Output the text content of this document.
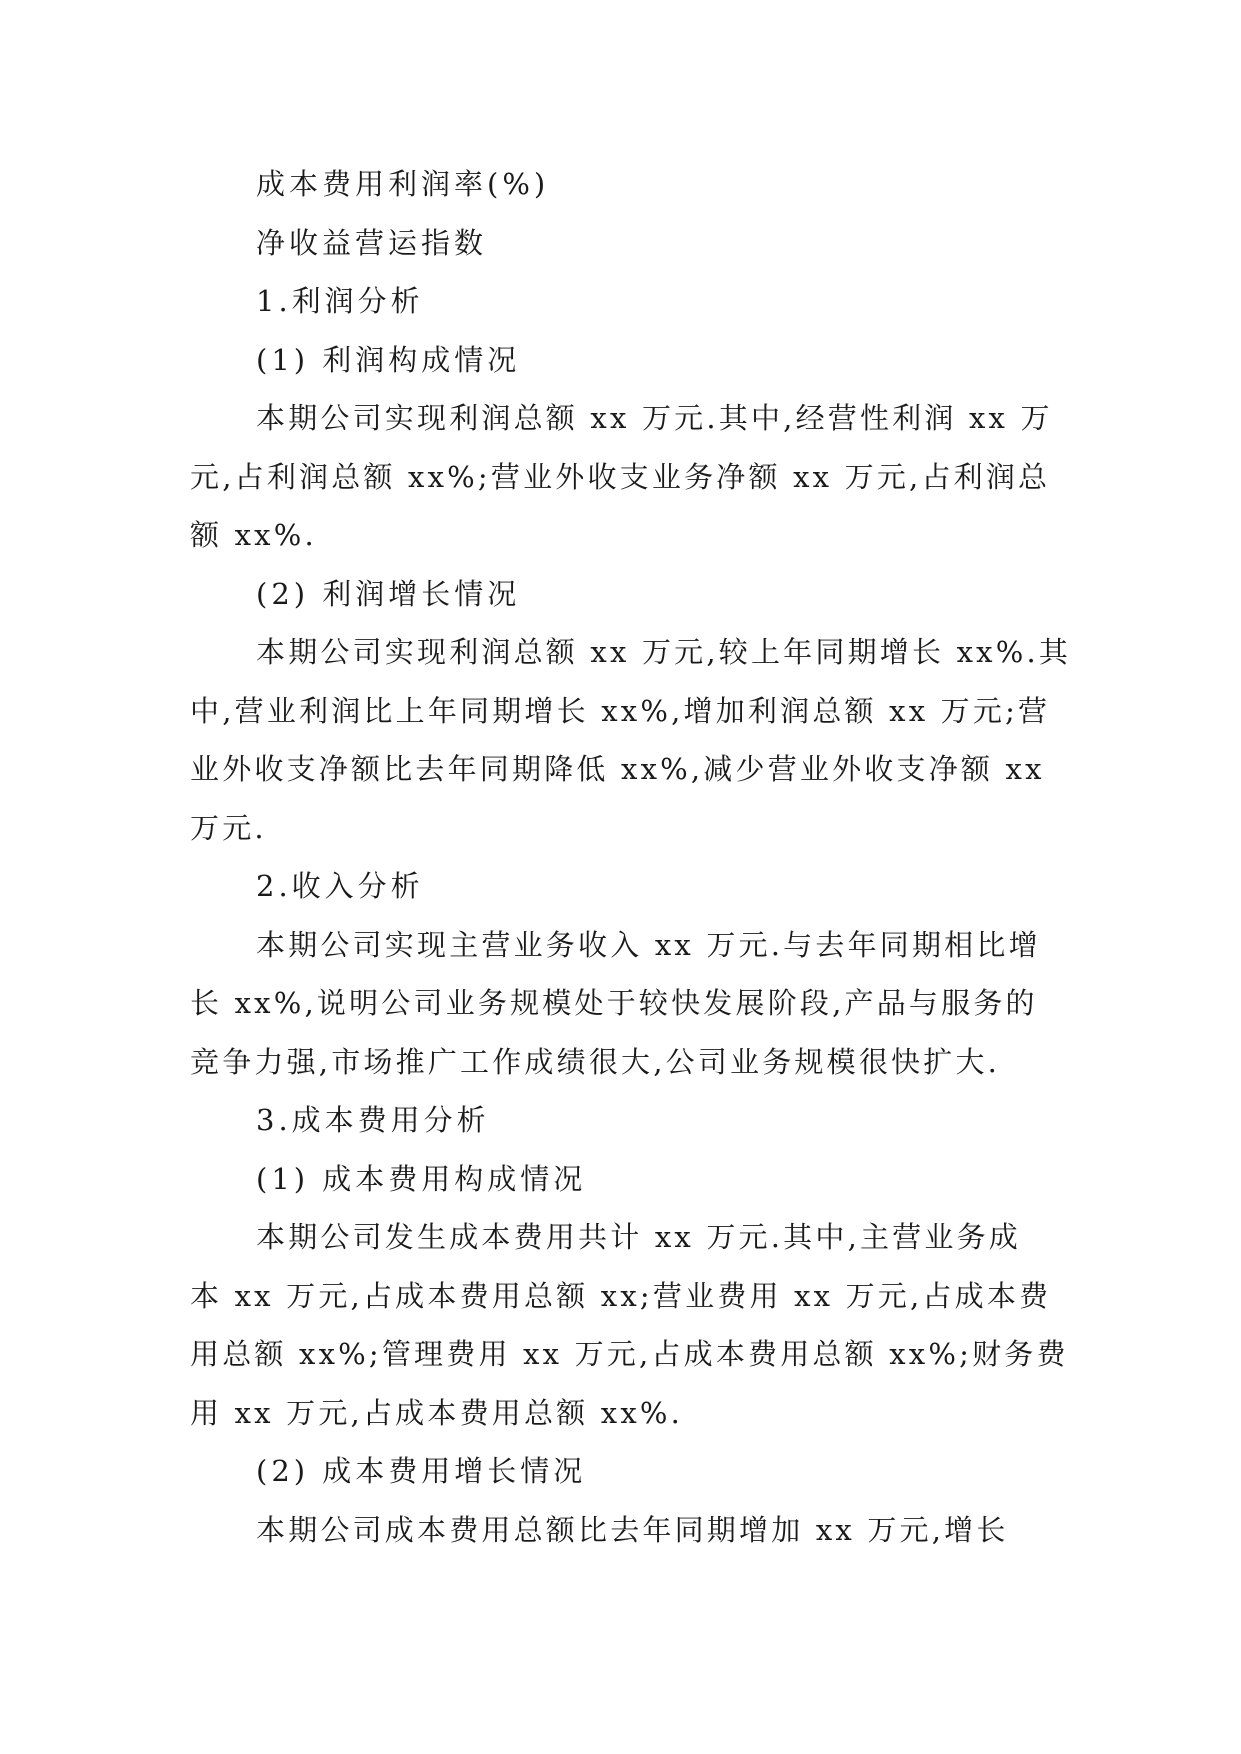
成本费用利润率(%)

净收益营运指数

1.利润分析

(1) 利润构成情况

本期公司实现利润总额 xx 万元.其中,经营性利润 xx 万

元,占利润总额 xx%;营业外收支业务净额 xx 万元,占利润总

额 xx%.

(2) 利润增长情况

本期公司实现利润总额 xx 万元,较上年同期增长 xx%.其

中,营业利润比上年同期增长 xx%,增加利润总额 xx 万元;营

业外收支净额比去年同期降低 xx%,减少营业外收支净额 xx

万元.

2.收入分析

本期公司实现主营业务收入 xx 万元.与去年同期相比增

长 xx%,说明公司业务规模处于较快发展阶段,产品与服务的

竞争力强,市场推广工作成绩很大,公司业务规模很快扩大.

3.成本费用分析

(1) 成本费用构成情况

本期公司发生成本费用共计 xx 万元.其中,主营业务成

本 xx 万元,占成本费用总额 xx;营业费用 xx 万元,占成本费

用总额 xx%;管理费用 xx 万元,占成本费用总额 xx%;财务费

用 xx 万元,占成本费用总额 xx%.

(2) 成本费用增长情况

本期公司成本费用总额比去年同期增加 xx 万元,增长
